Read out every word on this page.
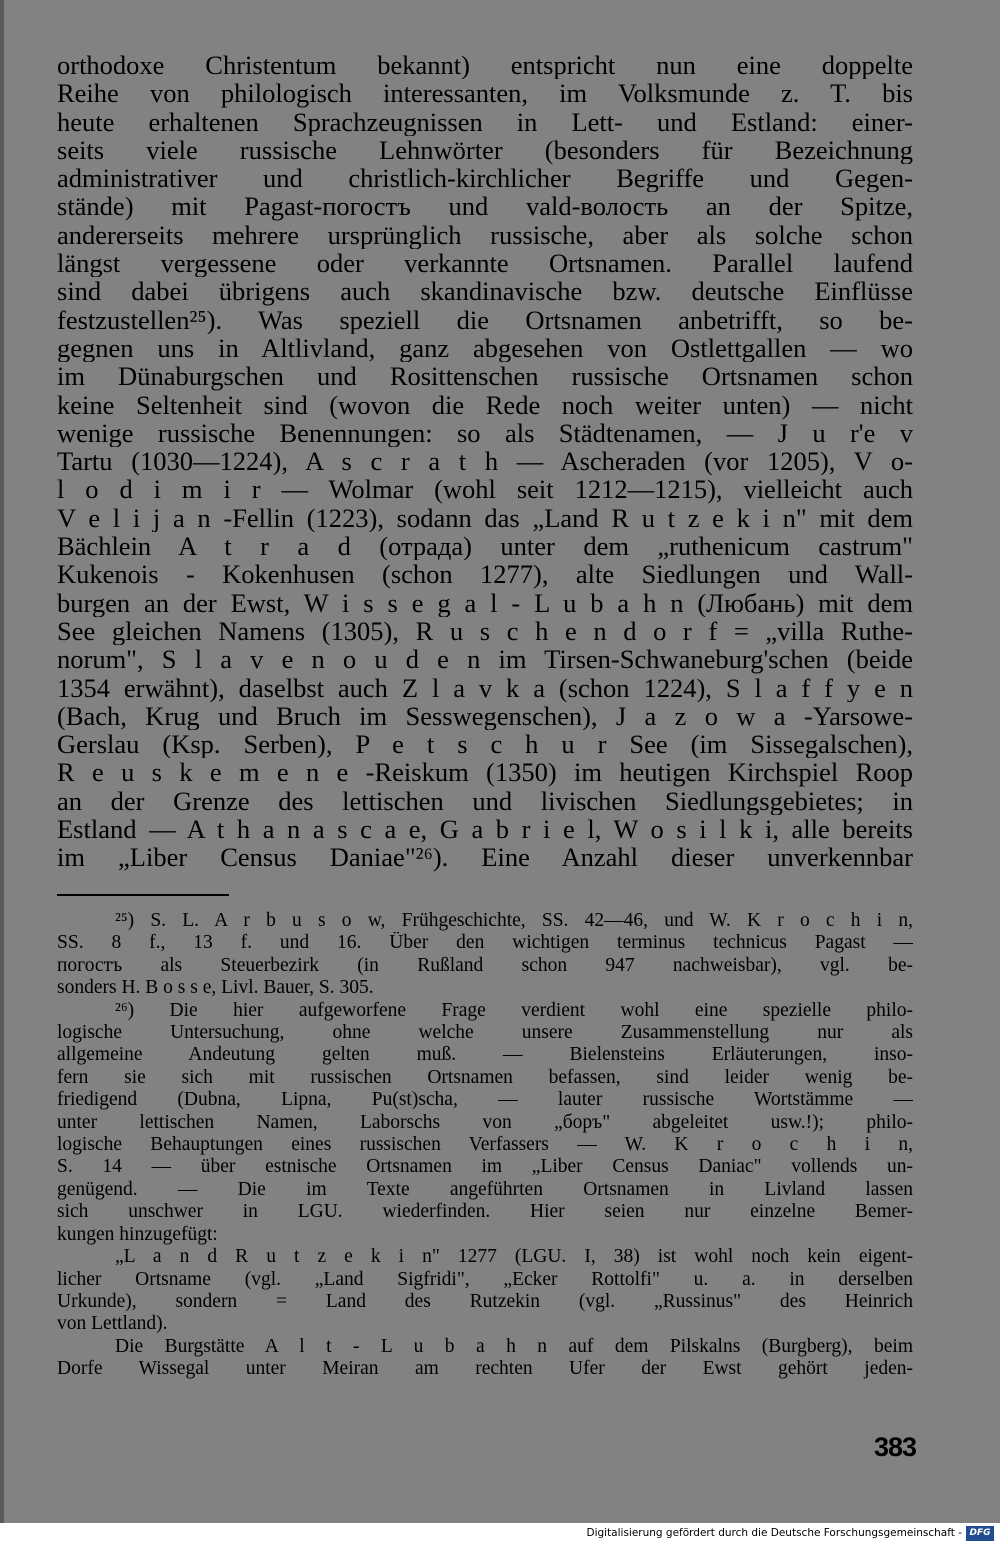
orthodoxe Christentum bekannt) entspricht nun eine doppelte
Reihe von philologisch interessanten, im Volksmunde z. T. bis
heute erhaltenen Sprachzeugnissen in Lett- und Estland: einer-
seits viele russische Lehnwörter (besonders für Bezeichnung
administrativer und christlich-kirchlicher Begriffe und Gegen-
stände) mit Pagast-погостъ und vald-волость an der Spitze,
andererseits mehrere ursprünglich russische, aber als solche schon
längst vergessene oder verkannte Ortsnamen. Parallel laufend
sind dabei übrigens auch skandinavische bzw. deutsche Einflüsse
festzustellen²⁵). Was speziell die Ortsnamen anbetrifft, so be-
gegnen uns in Altlivland, ganz abgesehen von Ostlettgallen — wo
im Dünaburgschen und Rosittenschen russische Ortsnamen schon
keine Seltenheit sind (wovon die Rede noch weiter unten) — nicht
wenige russische Benennungen: so als Städtenamen, — J u r'e v
Tartu (1030—1224), A s c r a t h — Ascheraden (vor 1205), V o-
l o d i m i r — Wolmar (wohl seit 1212—1215), vielleicht auch
V e l i j a n -Fellin (1223), sodann das „Land R u t z e k i n" mit dem
Bächlein A t r a d (отрада) unter dem „ruthenicum castrum"
Kukenois - Kokenhusen (schon 1277), alte Siedlungen und Wall-
burgen an der Ewst, W i s s e g a l - L u b a h n (Любань) mit dem
See gleichen Namens (1305), R u s c h e n d o r f = „villa Ruthe-
norum", S l a v e n o u d e n im Tirsen-Schwaneburg'schen (beide
1354 erwähnt), daselbst auch Z l a v k a (schon 1224), S l a f f y e n
(Bach, Krug und Bruch im Sesswegenschen), J a z o w a -Yarsowe-
Gerslau (Ksp. Serben), P e t s c h u r See (im Sissegalschen),
R e u s k e m e n e -Reiskum (1350) im heutigen Kirchspiel Roop
an der Grenze des lettischen und livischen Siedlungsgebietes; in
Estland — A t h a n a s c a e, G a b r i e l, W o s i l k i, alle bereits
im „Liber Census Daniae"²⁶). Eine Anzahl dieser unverkennbar
²⁵) S. L. A r b u s o w, Frühgeschichte, SS. 42—46, und W. K r o c h i n,
SS. 8 f., 13 f. und 16. Über den wichtigen terminus technicus Pagast —
погостъ als Steuerbezirk (in Rußland schon 947 nachweisbar), vgl. be-
sonders H. B o s s e, Livl. Bauer, S. 305.
²⁶) Die hier aufgeworfene Frage verdient wohl eine spezielle philo-
logische Untersuchung, ohne welche unsere Zusammenstellung nur als
allgemeine Andeutung gelten muß. — Bielensteins Erläuterungen, inso-
fern sie sich mit russischen Ortsnamen befassen, sind leider wenig be-
friedigend (Dubna, Lipna, Pu(st)scha, — lauter russische Wortstämme —
unter lettischen Namen, Laborschs von „боръ" abgeleitet usw.!); philo-
logische Behauptungen eines russischen Verfassers — W. K r o c h i n,
S. 14 — über estnische Ortsnamen im „Liber Census Daniac" vollends un-
genügend. — Die im Texte angeführten Ortsnamen in Livland lassen
sich unschwer in LGU. wiederfinden. Hier seien nur einzelne Bemer-
kungen hinzugefügt:
„L a n d R u t z e k i n" 1277 (LGU. I, 38) ist wohl noch kein eigent-
licher Ortsname (vgl. „Land Sigfridi", „Ecker Rottolfi" u. a. in derselben
Urkunde), sondern = Land des Rutzekin (vgl. „Russinus" des Heinrich
von Lettland).
Die Burgstätte A l t - L u b a h n auf dem Pilskalns (Burgberg), beim
Dorfe Wissegal unter Meiran am rechten Ufer der Ewst gehört jeden-
383
Digitalisierung gefördert durch die Deutsche Forschungsgemeinschaft - DFG
